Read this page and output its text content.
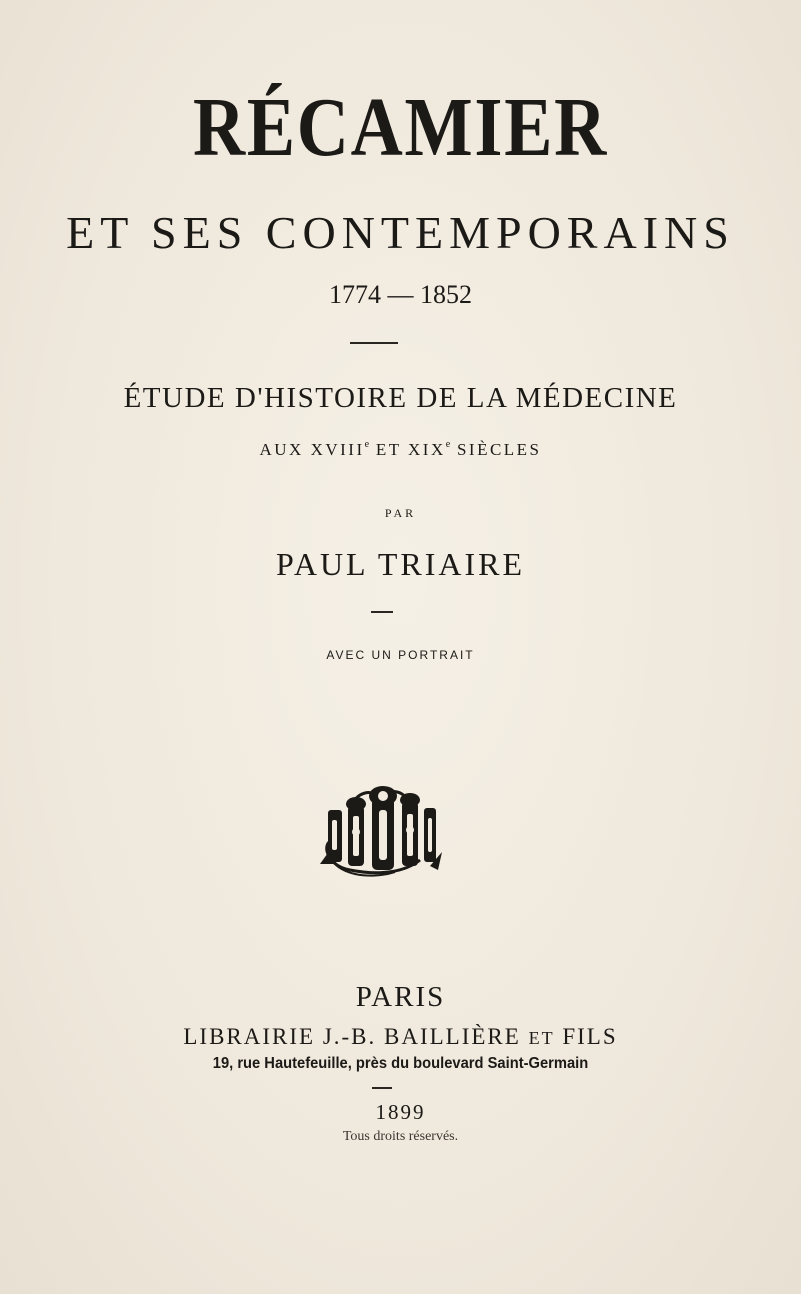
RÉCAMIER
ET SES CONTEMPORAINS
1774 — 1852
ÉTUDE D'HISTOIRE DE LA MÉDECINE
AUX XVIIIe ET XIXe SIÈCLES
PAR
PAUL TRIAIRE
AVEC UN PORTRAIT
PARIS
LIBRAIRIE J.-B. BAILLIÈRE ET FILS
19, rue Hautefeuille, près du boulevard Saint-Germain
1899
Tous droits réservés.
